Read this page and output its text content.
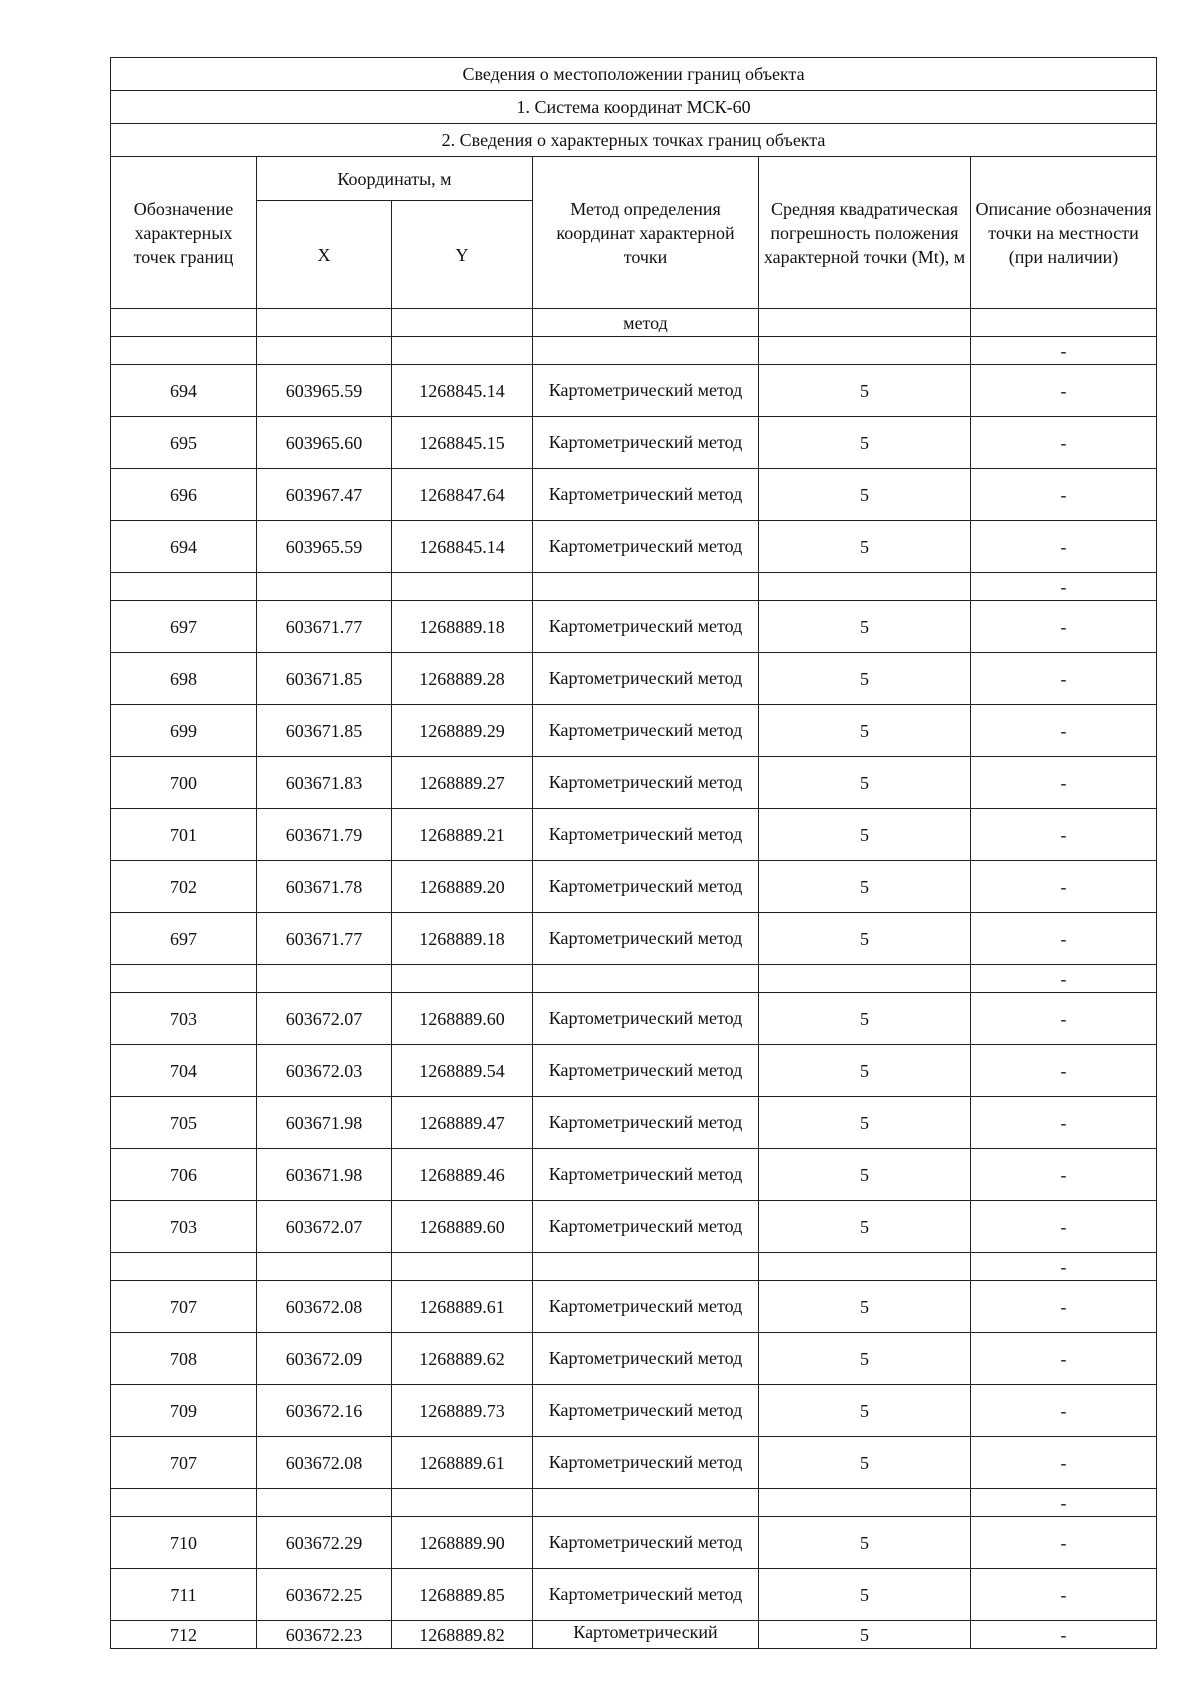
Сведения о местоположении границ объекта					
1. Система координат МСК-60					
2. Сведения о характерных точках границ объекта					
Обозначение характерных точек границ	Координаты, м		Метод определения координат характерной точки	Средняя квадратическая погрешность положения характерной точки (Mt), м	Описание обозначения точки на местности (при наличии)
	X	Y			
			метод		
					-
694	603965.59	1268845.14	Картометрический метод	5	-
695	603965.60	1268845.15	Картометрический метод	5	-
696	603967.47	1268847.64	Картометрический метод	5	-
694	603965.59	1268845.14	Картометрический метод	5	-
					-
697	603671.77	1268889.18	Картометрический метод	5	-
698	603671.85	1268889.28	Картометрический метод	5	-
699	603671.85	1268889.29	Картометрический метод	5	-
700	603671.83	1268889.27	Картометрический метод	5	-
701	603671.79	1268889.21	Картометрический метод	5	-
702	603671.78	1268889.20	Картометрический метод	5	-
697	603671.77	1268889.18	Картометрический метод	5	-
					-
703	603672.07	1268889.60	Картометрический метод	5	-
704	603672.03	1268889.54	Картометрический метод	5	-
705	603671.98	1268889.47	Картометрический метод	5	-
706	603671.98	1268889.46	Картометрический метод	5	-
703	603672.07	1268889.60	Картометрический метод	5	-
					-
707	603672.08	1268889.61	Картометрический метод	5	-
708	603672.09	1268889.62	Картометрический метод	5	-
709	603672.16	1268889.73	Картометрический метод	5	-
707	603672.08	1268889.61	Картометрический метод	5	-
					-
710	603672.29	1268889.90	Картометрический метод	5	-
711	603672.25	1268889.85	Картометрический метод	5	-
712	603672.23	1268889.82	Картометрический	5	-
